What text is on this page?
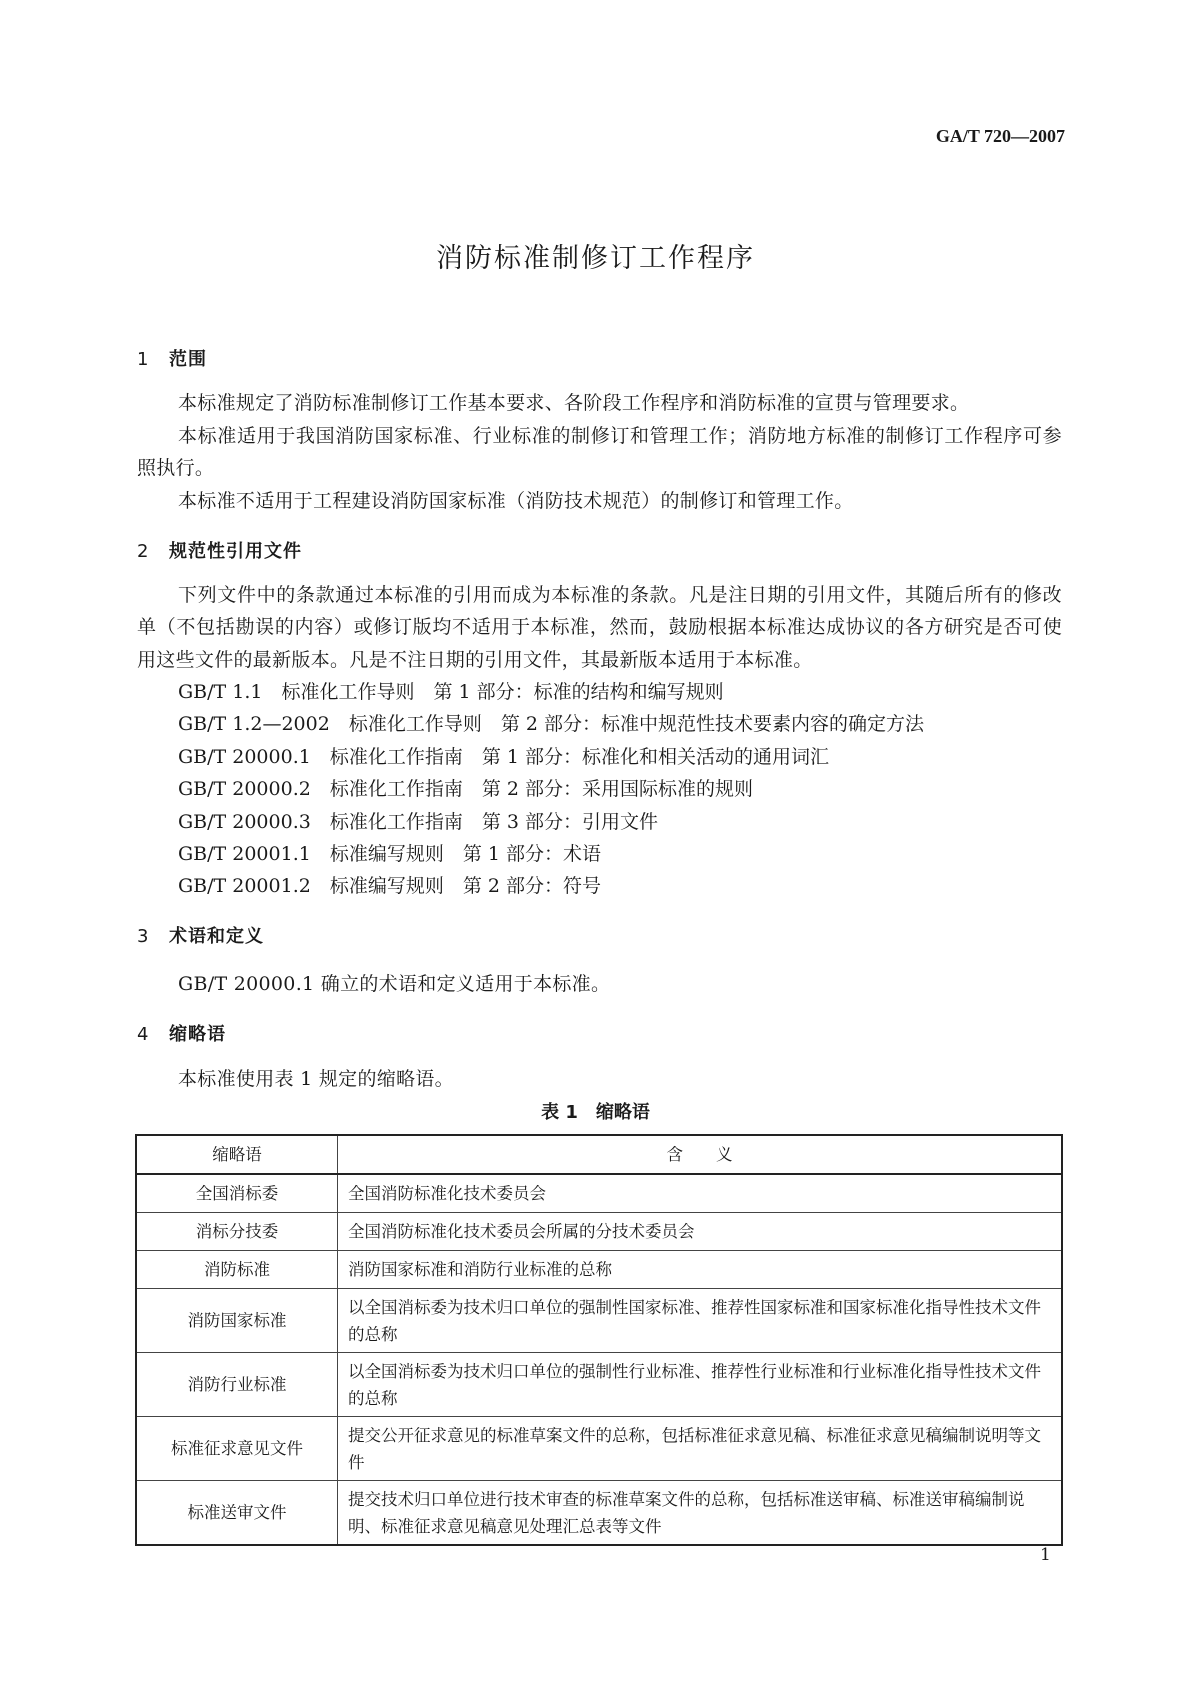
GA/T 720—2007
消防标准制修订工作程序
1 范围
本标准规定了消防标准制修订工作基本要求、各阶段工作程序和消防标准的宣贯与管理要求。
本标准适用于我国消防国家标准、行业标准的制修订和管理工作；消防地方标准的制修订工作程序可参照执行。
本标准不适用于工程建设消防国家标准（消防技术规范）的制修订和管理工作。
2 规范性引用文件
下列文件中的条款通过本标准的引用而成为本标准的条款。凡是注日期的引用文件，其随后所有的修改单（不包括勘误的内容）或修订版均不适用于本标准，然而，鼓励根据本标准达成协议的各方研究是否可使用这些文件的最新版本。凡是不注日期的引用文件，其最新版本适用于本标准。
GB/T 1.1　标准化工作导则　第 1 部分：标准的结构和编写规则
GB/T 1.2—2002　标准化工作导则　第 2 部分：标准中规范性技术要素内容的确定方法
GB/T 20000.1　标准化工作指南　第 1 部分：标准化和相关活动的通用词汇
GB/T 20000.2　标准化工作指南　第 2 部分：采用国际标准的规则
GB/T 20000.3　标准化工作指南　第 3 部分：引用文件
GB/T 20001.1　标准编写规则　第 1 部分：术语
GB/T 20001.2　标准编写规则　第 2 部分：符号
3 术语和定义
GB/T 20000.1 确立的术语和定义适用于本标准。
4 缩略语
本标准使用表 1 规定的缩略语。
表 1　缩略语
缩略语	含　　义
全国消标委	全国消防标准化技术委员会
消标分技委	全国消防标准化技术委员会所属的分技术委员会
消防标准	消防国家标准和消防行业标准的总称
消防国家标准	以全国消标委为技术归口单位的强制性国家标准、推荐性国家标准和国家标准化指导性技术文件的总称
消防行业标准	以全国消标委为技术归口单位的强制性行业标准、推荐性行业标准和行业标准化指导性技术文件的总称
标准征求意见文件	提交公开征求意见的标准草案文件的总称，包括标准征求意见稿、标准征求意见稿编制说明等文件
标准送审文件	提交技术归口单位进行技术审查的标准草案文件的总称，包括标准送审稿、标准送审稿编制说明、标准征求意见稿意见处理汇总表等文件
1
